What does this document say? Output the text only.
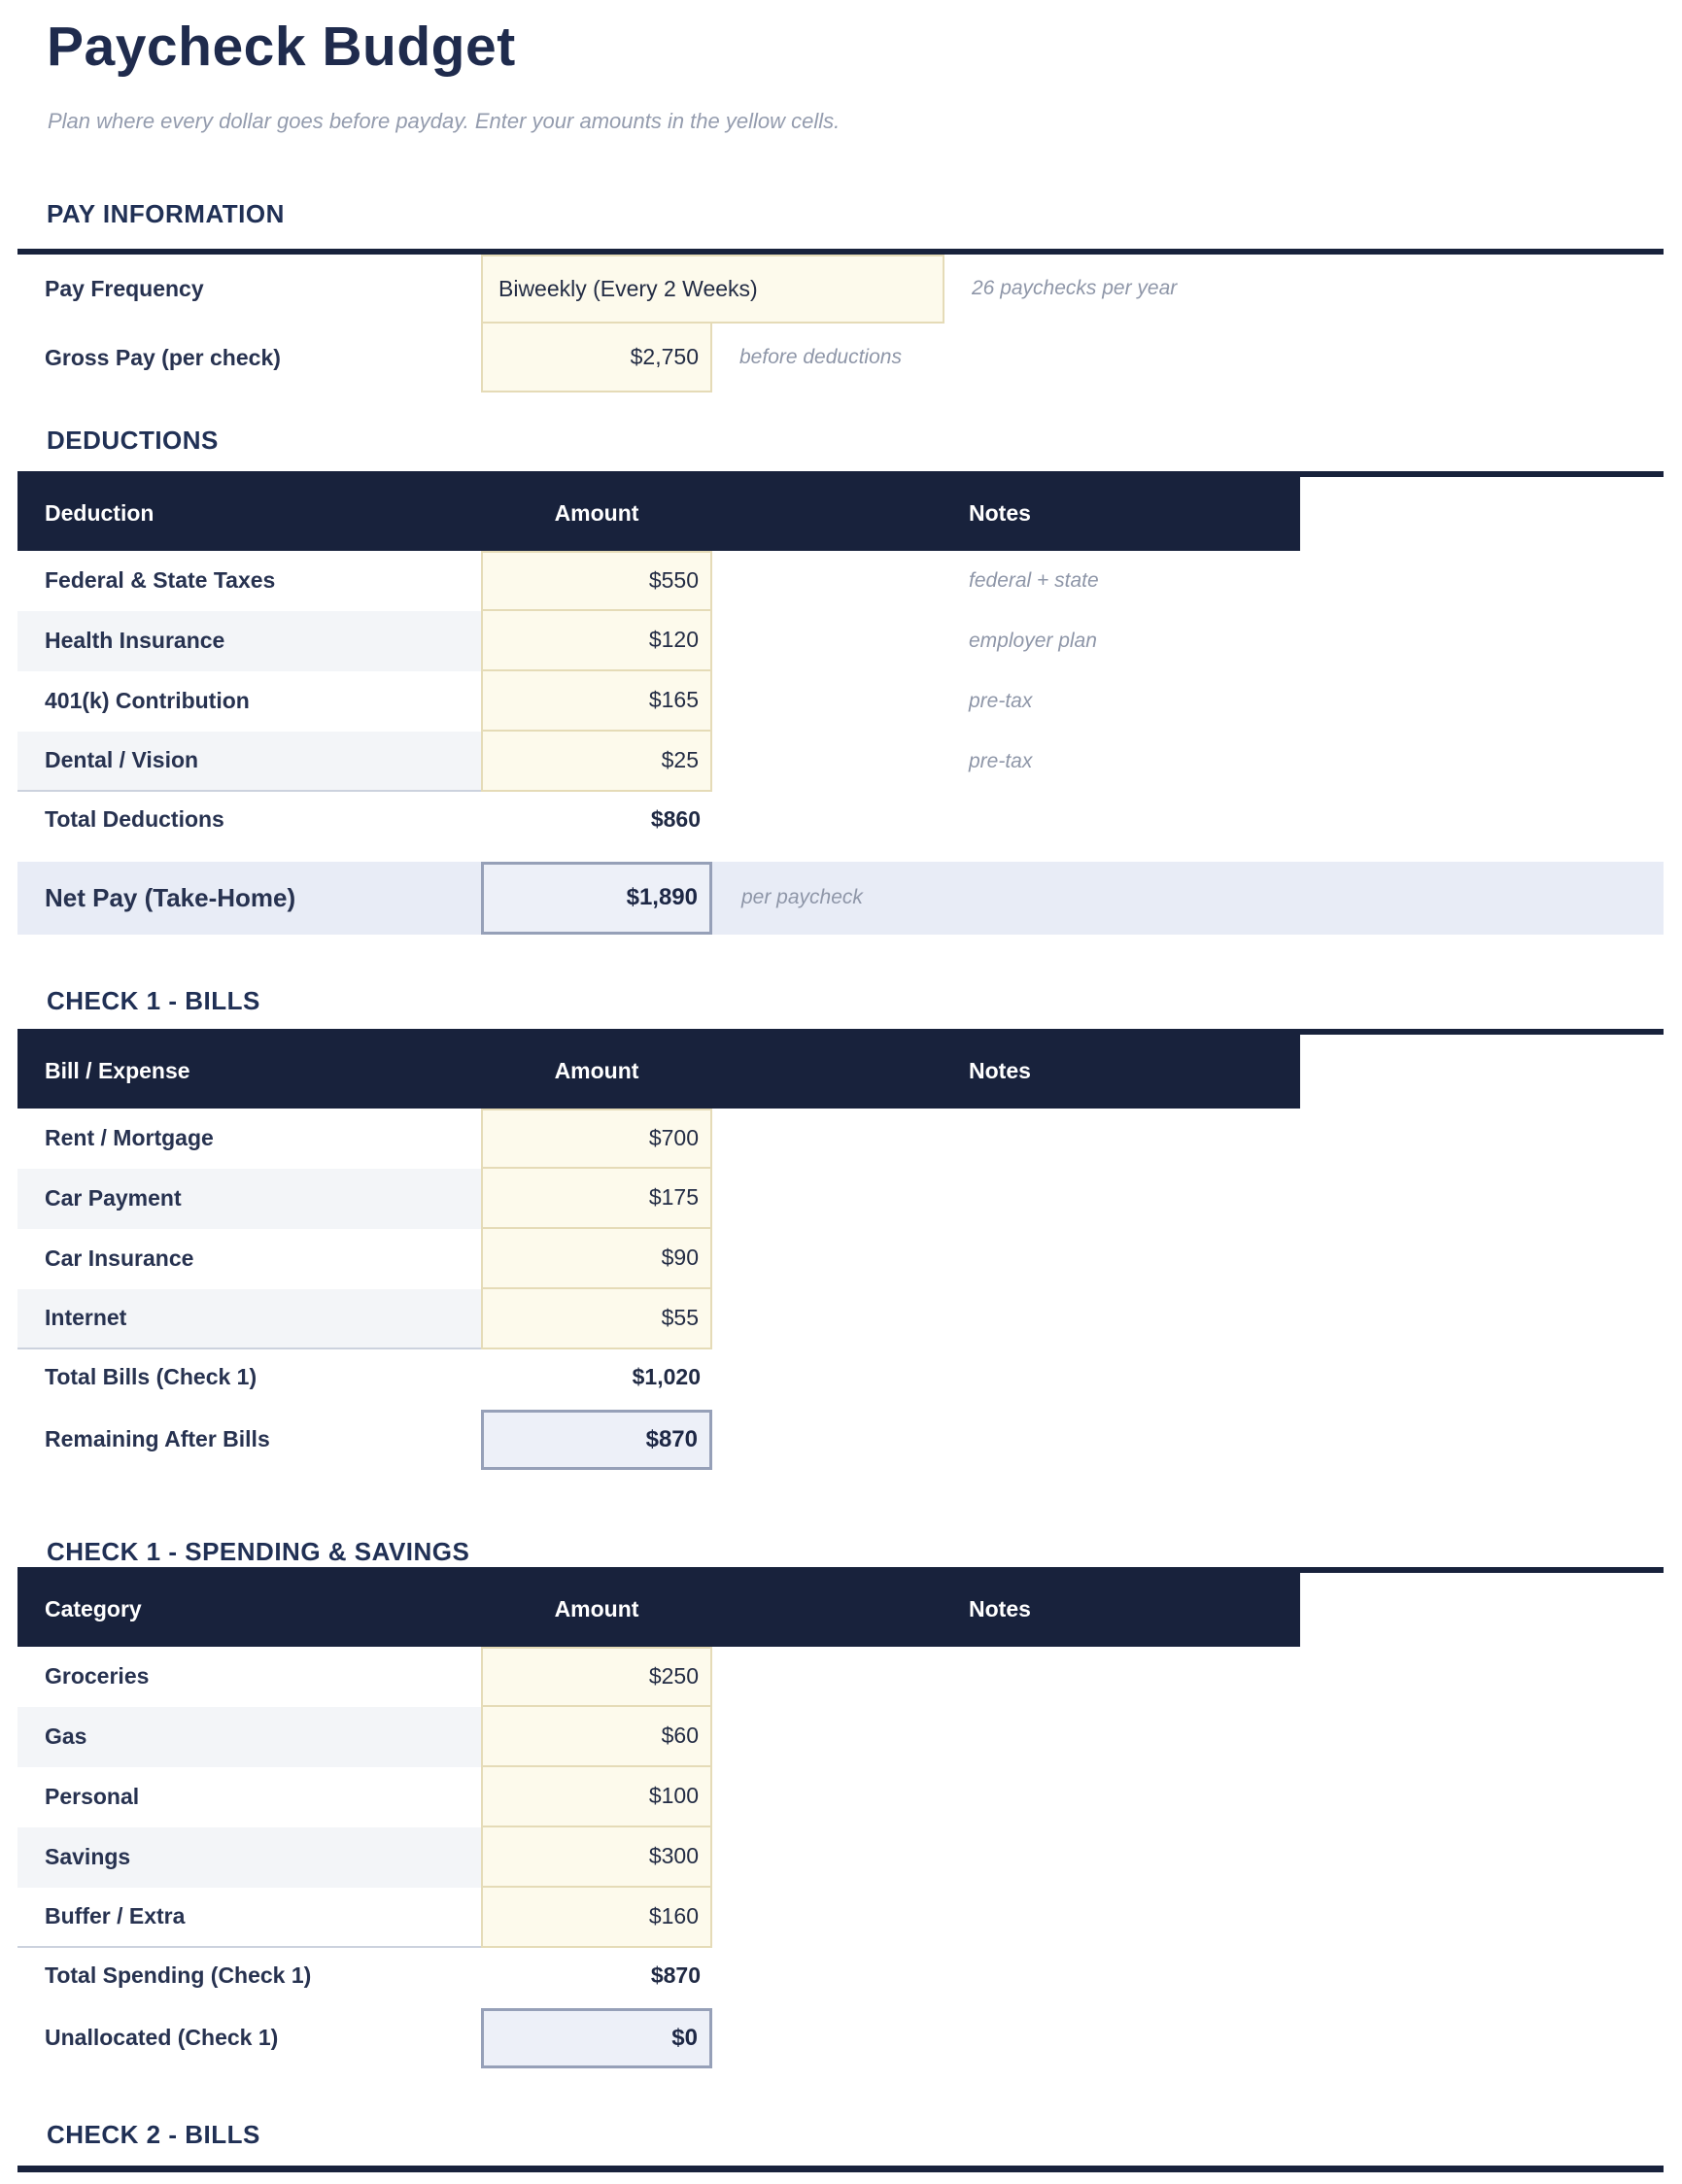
Paycheck Budget
Plan where every dollar goes before payday. Enter your amounts in the yellow cells.
PAY INFORMATION
Pay Frequency	Biweekly (Every 2 Weeks)	26 paychecks per year
Gross Pay (per check)	$2,750	before deductions
DEDUCTIONS
Deduction	Amount	Notes
Federal & State Taxes	$550	federal + state
Health Insurance	$120	employer plan
401(k) Contribution	$165	pre-tax
Dental / Vision	$25	pre-tax
Total Deductions	$860
Net Pay (Take-Home)	$1,890	per paycheck
CHECK 1 - BILLS
Bill / Expense	Amount	Notes
Rent / Mortgage	$700
Car Payment	$175
Car Insurance	$90
Internet	$55
Total Bills (Check 1)	$1,020
Remaining After Bills	$870
CHECK 1 - SPENDING & SAVINGS
Category	Amount	Notes
Groceries	$250
Gas	$60
Personal	$100
Savings	$300
Buffer / Extra	$160
Total Spending (Check 1)	$870
Unallocated (Check 1)	$0
CHECK 2 - BILLS
